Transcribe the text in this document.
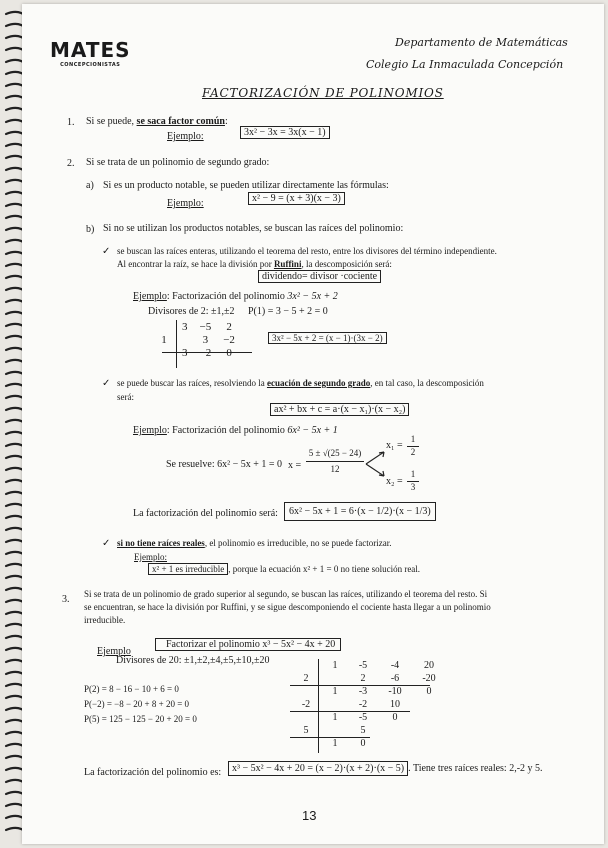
MATES
CONCEPCIONISTAS
Departamento de Matemáticas
Colegio La Inmaculada Concepción
FACTORIZACIÓN DE POLINOMIOS
1. Si se puede, se saca factor común:
Ejemplo:	3x² − 3x = 3x(x − 1)
2. Si se trata de un polinomio de segundo grado:
a) Si es un producto notable, se pueden utilizar directamente las fórmulas:
Ejemplo:	x² − 9 = (x + 3)(x − 3)
b) Si no se utilizan los productos notables, se buscan las raíces del polinomio:
✓ se buscan las raíces enteras, utilizando el teorema del resto, entre los divisores del término independiente.
Al encontrar la raíz, se hace la división por Ruffini, la descomposición será:
dividendo= divisor ·cociente
Ejemplo: Factorización del polinomio 3x² − 5x + 2
Divisores de 2: ±1,±2 P(1) = 3 − 5 + 2 = 0
	3	−5	2
1		3	−2
	3	−2	0
3x² − 5x + 2 = (x − 1)·(3x − 2)
✓ se puede buscar las raíces, resolviendo la ecuación de segundo grado, en tal caso, la descomposición
será:
ax² + bx + c = a·(x − x₁)·(x − x₂)
Ejemplo: Factorización del polinomio 6x² − 5x + 1
Se resuelve: 6x² − 5x + 1 = 0 x =
5 ± √(25 − 24)
12
x₁ =
1
2
x₂ =
1
3
La factorización del polinomio será:	6x² − 5x + 1 = 6·(x − 1/2)·(x − 1/3)
✓ si no tiene raíces reales, el polinomio es irreducible, no se puede factorizar.
Ejemplo:
x² + 1 es irreducible , porque la ecuación x² + 1 = 0 no tiene solución real.
3. Si se trata de un polinomio de grado superior al segundo, se buscan las raíces, utilizando el teorema del resto. Si
se encuentran, se hace la división por Ruffini, y se sigue descomponiendo el cociente hasta llegar a un polinomio
irreducible.
Ejemplo
Factorizar el polinomio x³ − 5x² − 4x + 20
Divisores de 20: ±1,±2,±4,±5,±10,±20
P(2) = 8 − 16 − 10 + 6 = 0
P(−2) = −8 − 20 + 8 + 20 = 0
P(5) = 125 − 125 − 20 + 20 = 0
	1	-5	-4	20
2		2	-6	-20
	1	-3	-10	0
-2		-2	10	
	1	-5	0	
5		5		
	1	0		
La factorización del polinomio es:	x³ − 5x² − 4x + 20 = (x − 2)·(x + 2)·(x − 5) . Tiene tres raíces reales: 2,-2 y 5.
13
